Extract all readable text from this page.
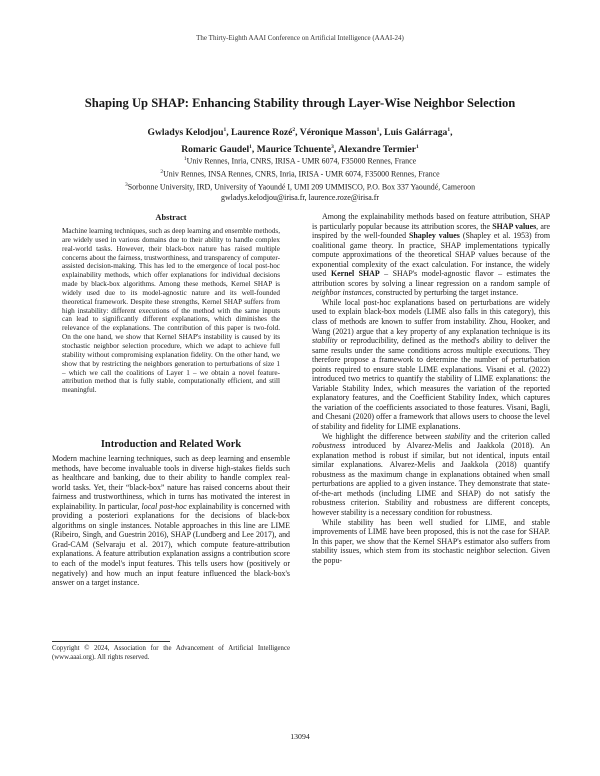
The Thirty-Eighth AAAI Conference on Artificial Intelligence (AAAI-24)
Shaping Up SHAP: Enhancing Stability through Layer-Wise Neighbor Selection
Gwladys Kelodjou$^1$, Laurence Rozé$^2$, Véronique Masson$^1$, Luis Galárraga$^1$,
Romaric Gaudel$^1$, Maurice Tchuente$^3$, Alexandre Termier$^1$
$^1$Univ Rennes, Inria, CNRS, IRISA - UMR 6074, F35000 Rennes, France
$^2$Univ Rennes, INSA Rennes, CNRS, Inria, IRISA - UMR 6074, F35000 Rennes, France
$^3$Sorbonne University, IRD, University of Yaoundé I, UMI 209 UMMISCO, P.O. Box 337 Yaoundé, Cameroon
gwladys.kelodjou@irisa.fr, laurence.roze@irisa.fr
Abstract

Machine learning techniques, such as deep learning and ensemble methods, are widely used in various domains due to their ability to handle complex real-world tasks. However, their black-box nature has raised multiple concerns about the fairness, trustworthiness, and transparency of computer-assisted decision-making. This has led to the emergence of local post-hoc explainability methods, which offer explanations for individual decisions made by black-box algorithms. Among these methods, Kernel SHAP is widely used due to its model-agnostic nature and its well-founded theoretical framework. Despite these strengths, Kernel SHAP suffers from high instability: different executions of the method with the same inputs can lead to significantly different explanations, which diminishes the relevance of the explanations. The contribution of this paper is two-fold. On the one hand, we show that Kernel SHAP's instability is caused by its stochastic neighbor selection procedure, which we adapt to achieve full stability without compromising explanation fidelity. On the other hand, we show that by restricting the neighbors generation to perturbations of size 1 – which we call the coalitions of Layer 1 – we obtain a novel feature-attribution method that is fully stable, computationally efficient, and still meaningful.

Introduction and Related Work

Modern machine learning techniques, such as deep learning and ensemble methods, have become invaluable tools in diverse high-stakes fields such as healthcare and banking, due to their ability to handle complex real-world tasks. Yet, their “black-box” nature has raised concerns about their fairness and trustworthiness, which in turns has motivated the interest in explainability. In particular, local post-hoc explainability is concerned with providing a posteriori explanations for the decisions of black-box algorithms on single instances. Notable approaches in this line are LIME (Ribeiro, Singh, and Guestrin 2016), SHAP (Lundberg and Lee 2017), and Grad-CAM (Selvaraju et al. 2017), which compute feature-attribution explanations. A feature attribution explanation assigns a contribution score to each of the model's input features. This tells users how (positively or negatively) and how much an input feature influenced the black-box's answer on a target instance.

Copyright © 2024, Association for the Advancement of Artificial Intelligence (www.aaai.org). All rights reserved.

Among the explainability methods based on feature attribution, SHAP is particularly popular because its attribution scores, the SHAP values, are inspired by the well-founded Shapley values (Shapley et al. 1953) from coalitional game theory. In practice, SHAP implementations typically compute approximations of the theoretical SHAP values because of the exponential complexity of the exact calculation. For instance, the widely used Kernel SHAP – SHAP's model-agnostic flavor – estimates the attribution scores by solving a linear regression on a random sample of neighbor instances, constructed by perturbing the target instance.

While local post-hoc explanations based on perturbations are widely used to explain black-box models (LIME also falls in this category), this class of methods are known to suffer from instability. Zhou, Hooker, and Wang (2021) argue that a key property of any explanation technique is its stability or reproducibility, defined as the method's ability to deliver the same results under the same conditions across multiple executions. They therefore propose a framework to determine the number of perturbation points required to ensure stable LIME explanations. Visani et al. (2022) introduced two metrics to quantify the stability of LIME explanations: the Variable Stability Index, which measures the variation of the reported explanatory features, and the Coefficient Stability Index, which captures the variation of the coefficients associated to those features. Visani, Bagli, and Chesani (2020) offer a framework that allows users to choose the level of stability and fidelity for LIME explanations.

We highlight the difference between stability and the criterion called robustness introduced by Alvarez-Melis and Jaakkola (2018). An explanation method is robust if similar, but not identical, inputs entail similar explanations. Alvarez-Melis and Jaakkola (2018) quantify robustness as the maximum change in explanations obtained when small perturbations are applied to a given instance. They demonstrate that state-of-the-art methods (including LIME and SHAP) do not satisfy the robustness criterion. Stability and robustness are different concepts, however stability is a necessary condition for robustness.

While stability has been well studied for LIME, and stable improvements of LIME have been proposed, this is not the case for SHAP. In this paper, we show that the Kernel SHAP's estimator also suffers from stability issues, which stem from its stochastic neighbor selection. Given the popu-

13094
